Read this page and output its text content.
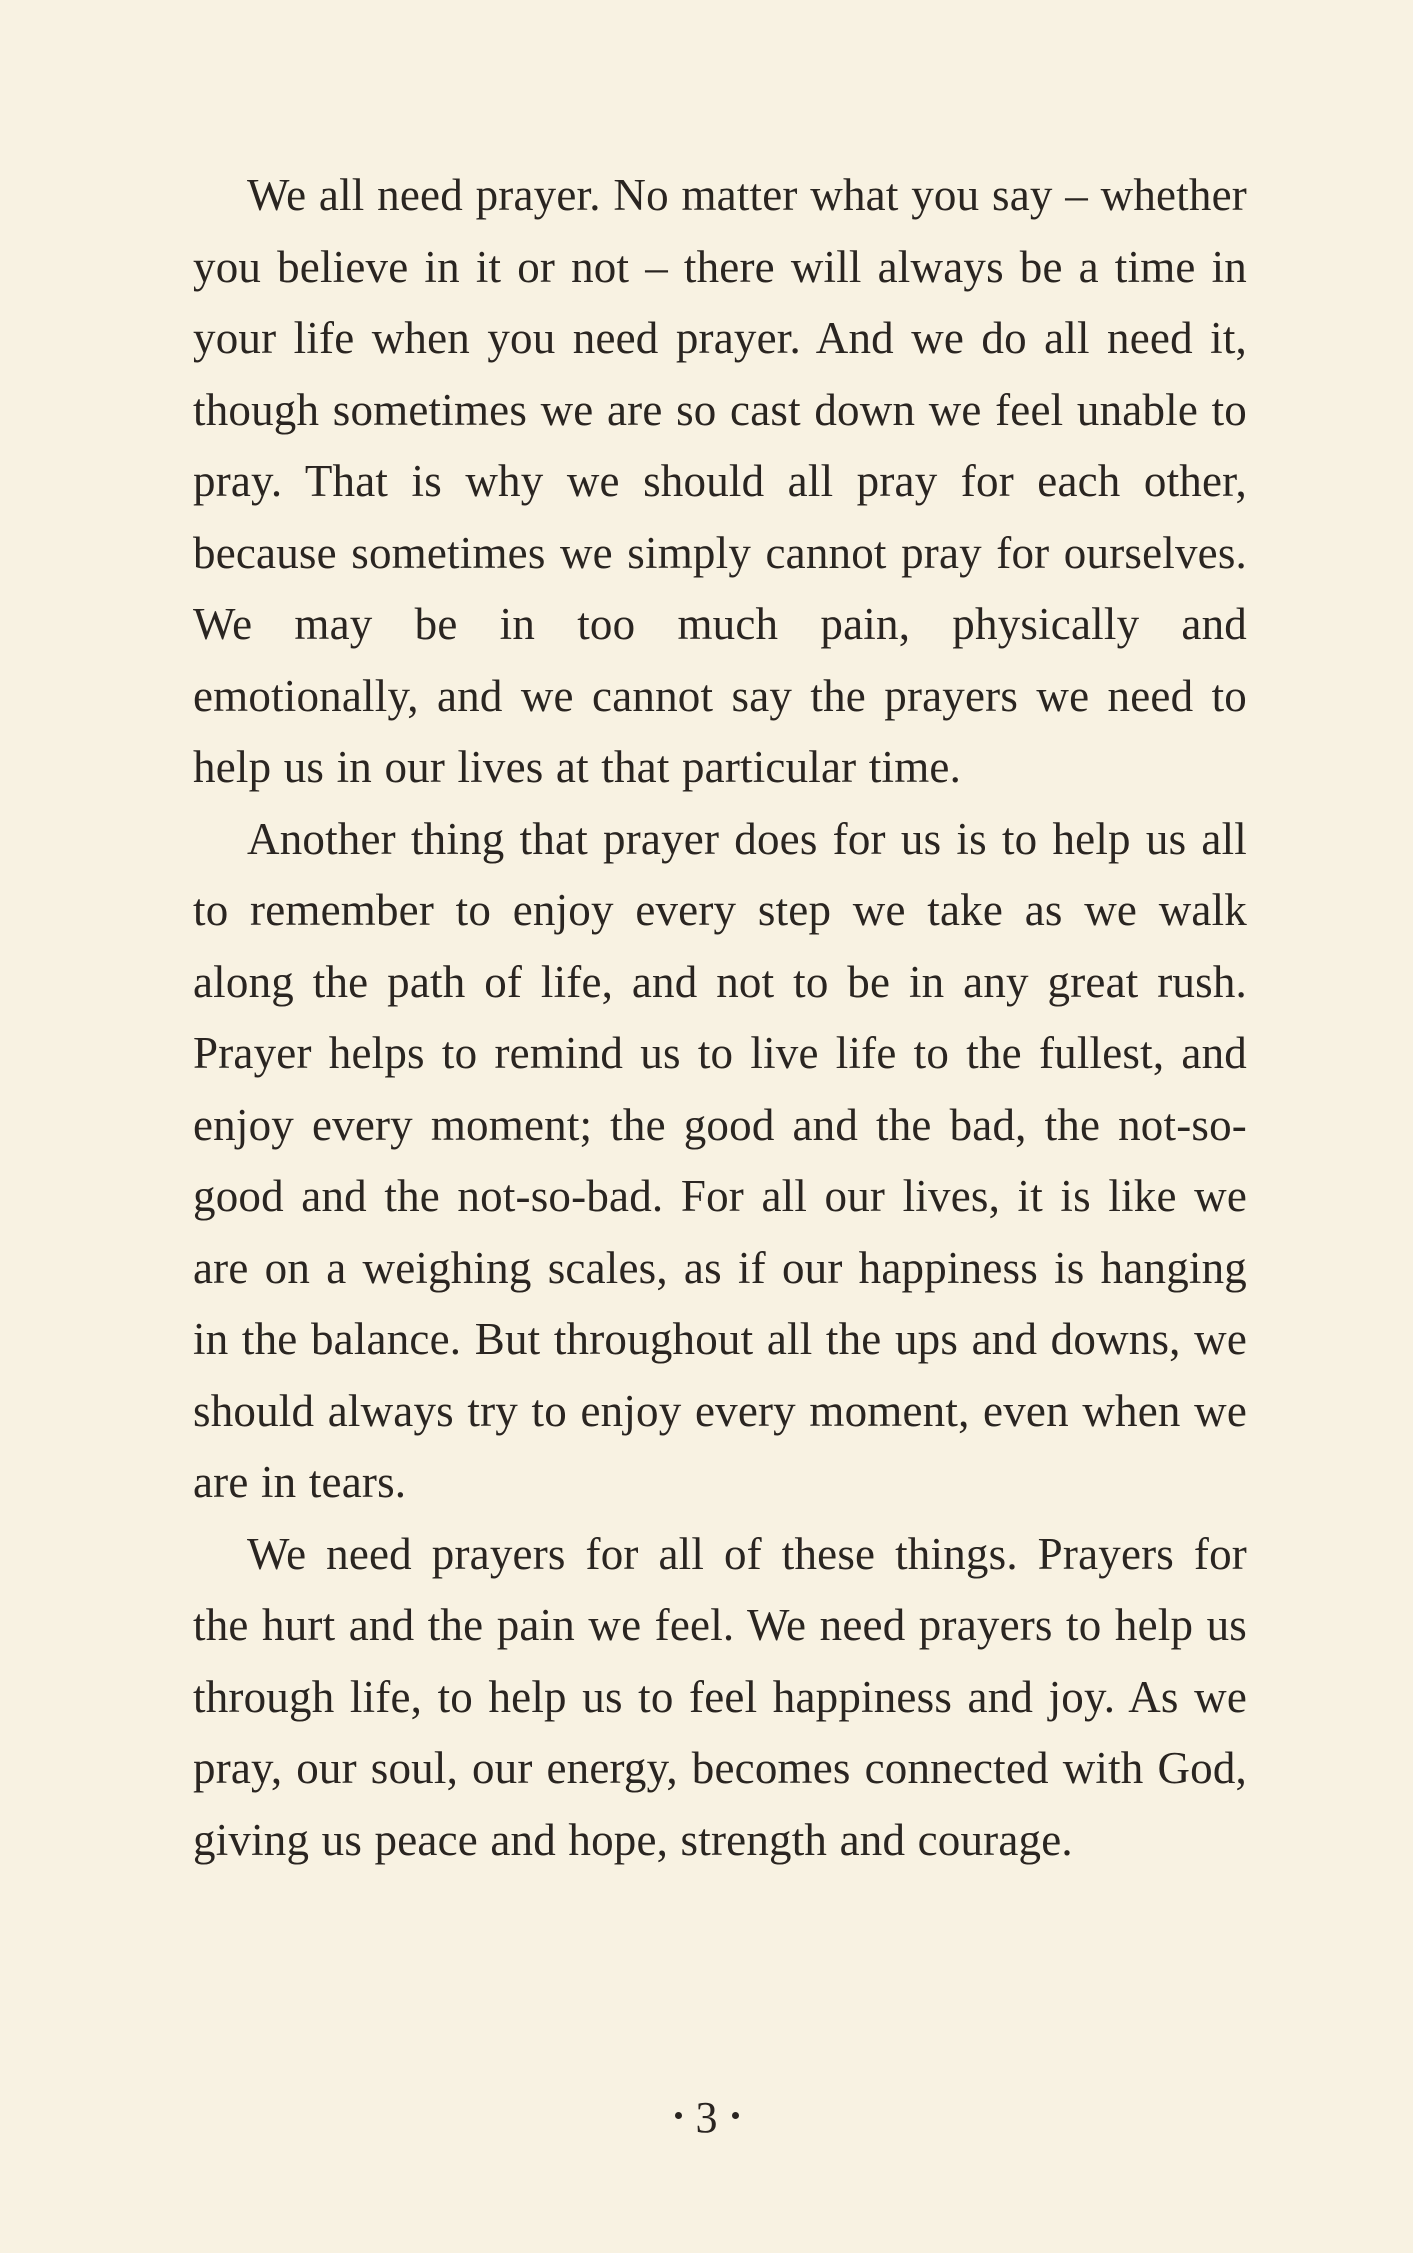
We all need prayer. No matter what you say – whether you believe in it or not – there will always be a time in your life when you need prayer. And we do all need it, though sometimes we are so cast down we feel unable to pray. That is why we should all pray for each other, because sometimes we simply cannot pray for ourselves. We may be in too much pain, physically and emotionally, and we cannot say the prayers we need to help us in our lives at that particular time.

Another thing that prayer does for us is to help us all to remember to enjoy every step we take as we walk along the path of life, and not to be in any great rush. Prayer helps to remind us to live life to the fullest, and enjoy every moment; the good and the bad, the not-so-good and the not-so-bad. For all our lives, it is like we are on a weighing scales, as if our happiness is hanging in the balance. But throughout all the ups and downs, we should always try to enjoy every moment, even when we are in tears.

We need prayers for all of these things. Prayers for the hurt and the pain we feel. We need prayers to help us through life, to help us to feel happiness and joy. As we pray, our soul, our energy, becomes connected with God, giving us peace and hope, strength and courage.

3
